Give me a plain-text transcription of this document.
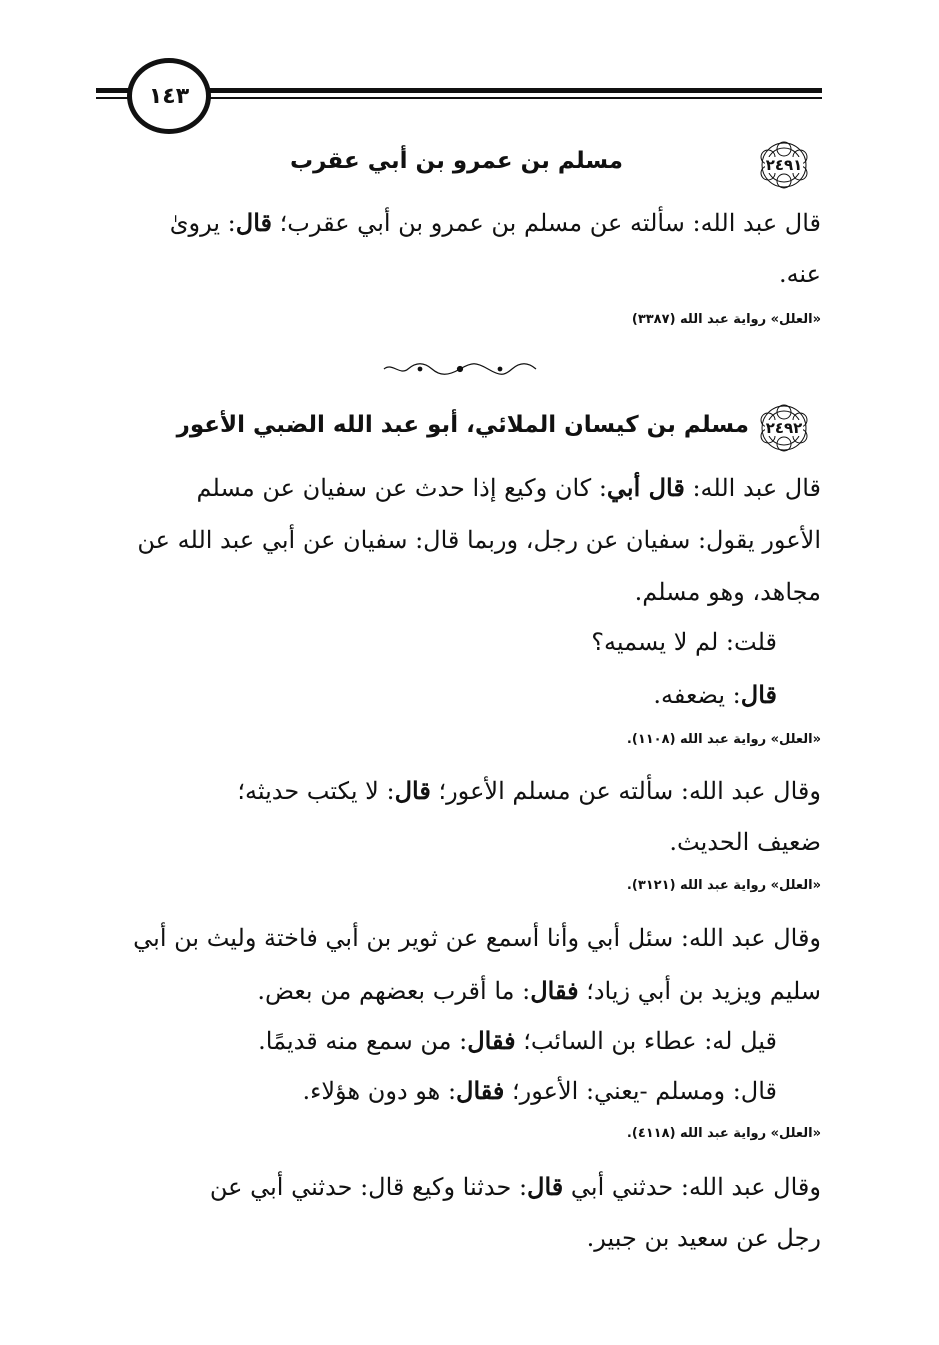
١٤٣
٢٤٩١
مسلم بن عمرو بن أبي عقرب
قال عبد الله: سألته عن مسلم بن عمرو بن أبي عقرب؛ قال: يروىٰ
عنه.
«العلل» رواية عبد الله (٣٣٨٧)
٢٤٩٢
مسلم بن كيسان الملائي، أبو عبد الله الضبي الأعور
قال عبد الله: قال أبي: كان وكيع إذا حدث عن سفيان عن مسلم
الأعور يقول: سفيان عن رجل، وربما قال: سفيان عن أبي عبد الله عن
مجاهد، وهو مسلم.
قلت: لم لا يسميه؟
قال: يضعفه.
«العلل» رواية عبد الله (١١٠٨).
وقال عبد الله: سألته عن مسلم الأعور؛ قال: لا يكتب حديثه؛
ضعيف الحديث.
«العلل» رواية عبد الله (٣١٢١).
وقال عبد الله: سئل أبي وأنا أسمع عن ثوير بن أبي فاختة وليث بن أبي
سليم ويزيد بن أبي زياد؛ فقال: ما أقرب بعضهم من بعض.
قيل له: عطاء بن السائب؛ فقال: من سمع منه قديمًا.
قال: ومسلم -يعني: الأعور؛ فقال: هو دون هؤلاء.
«العلل» رواية عبد الله (٤١١٨).
وقال عبد الله: حدثني أبي قال: حدثنا وكيع قال: حدثني أبي عن
رجل عن سعيد بن جبير.
